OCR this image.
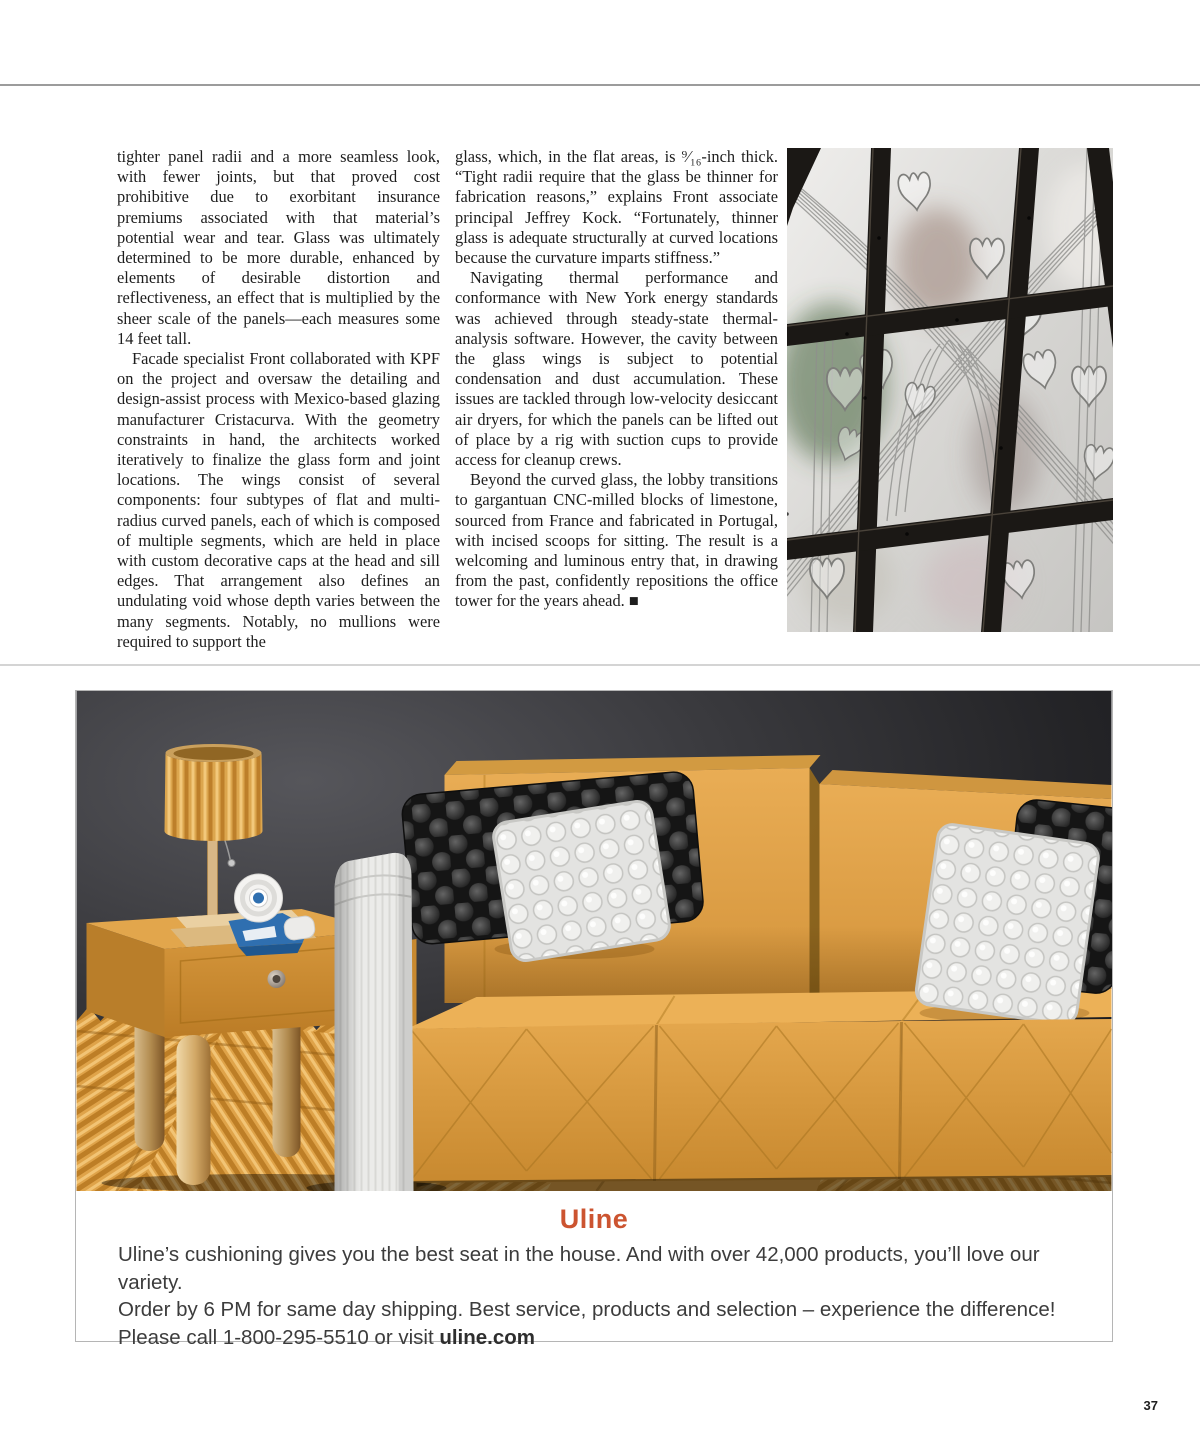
tighter panel radii and a more seamless look, with fewer joints, but that proved cost prohibitive due to exorbitant insurance premiums associated with that material’s potential wear and tear. Glass was ultimately determined to be more durable, enhanced by elements of desirable distortion and reflectiveness, an effect that is multiplied by the sheer scale of the panels—each measures some 14 feet tall.

Facade specialist Front collaborated with KPF on the project and oversaw the detailing and design-assist process with Mexico-based glazing manufacturer Cristacurva. With the geometry constraints in hand, the architects worked iteratively to finalize the glass form and joint locations. The wings consist of several components: four subtypes of flat and multi-radius curved panels, each of which is composed of multiple segments, which are held in place with custom decorative caps at the head and sill edges. That arrangement also defines an undulating void whose depth varies between the many segments. Notably, no mullions were required to support the

glass, which, in the flat areas, is ⁹⁄₁₆-inch thick. “Tight radii require that the glass be thinner for fabrication reasons,” explains Front associate principal Jeffrey Kock. “Fortunately, thinner glass is adequate structurally at curved locations because the curvature imparts stiffness.”

Navigating thermal performance and conformance with New York energy standards was achieved through steady-state thermal-analysis software. However, the cavity between the glass wings is subject to potential condensation and dust accumulation. These issues are tackled through low-velocity desiccant air dryers, for which the panels can be lifted out of place by a rig with suction cups to provide access for cleanup crews.

Beyond the curved glass, the lobby transitions to gargantuan CNC-milled blocks of limestone, sourced from France and fabricated in Portugal, with incised scoops for sitting. The result is a welcoming and luminous entry that, in drawing from the past, confidently repositions the office tower for the years ahead. ■

Uline

Uline’s cushioning gives you the best seat in the house. And with over 42,000 products, you’ll love our variety.

Order by 6 PM for same day shipping. Best service, products and selection – experience the difference!

Please call 1-800-295-5510 or visit uline.com

37
